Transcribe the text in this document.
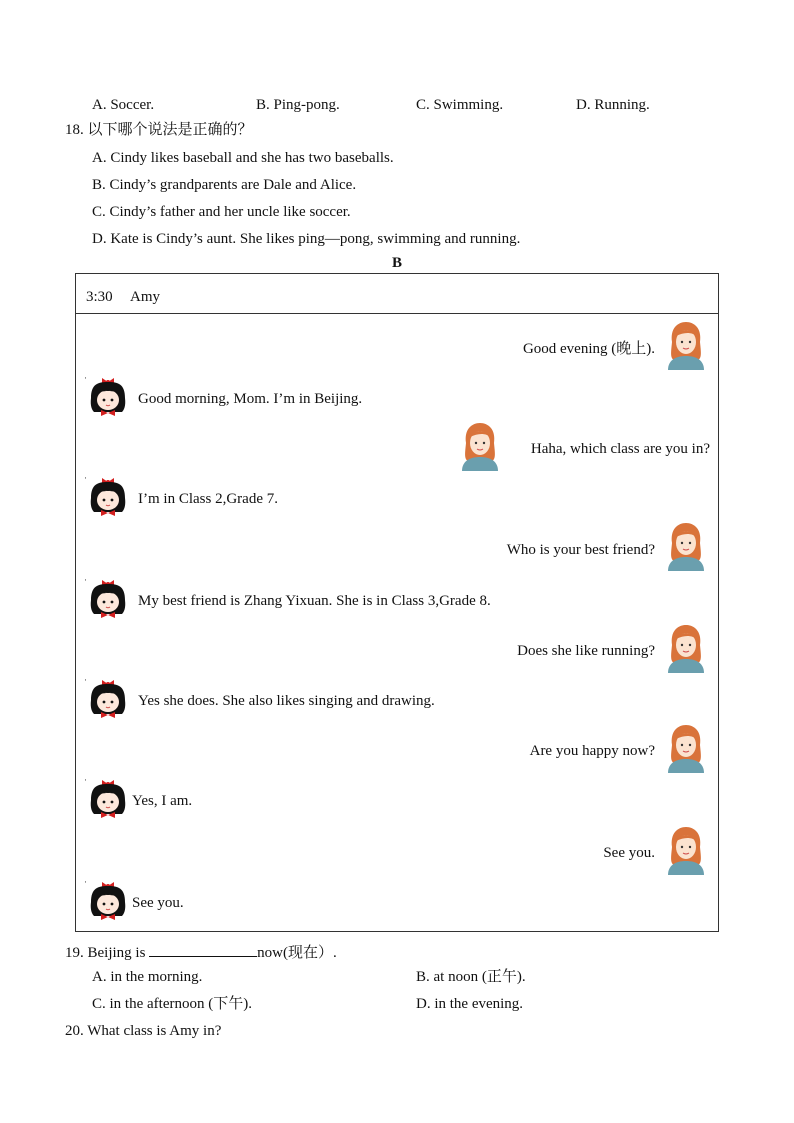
A. Soccer.	B. Ping-pong.	C. Swimming.	D. Running.
18. 以下哪个说法是正确的？
A. Cindy likes baseball and she has two baseballs.
B. Cindy’s grandparents are Dale and Alice.
C. Cindy’s father and her uncle like soccer.
D. Kate is Cindy’s aunt. She likes ping—pong, swimming and running.
B
3:30 Amy
Good evening (晚上).
·
Good morning, Mom. I’m in Beijing.
Haha, which class are you in?
·
I’m in Class 2,Grade 7.
Who is your best friend?
·
My best friend is Zhang Yixuan. She is in Class 3,Grade 8.
Does she like running?
·
Yes she does. She also likes singing and drawing.
Are you happy now?
·
Yes, I am.
See you.
·
See you.
19. Beijing is	now(现在）.
A. in the morning.	B. at noon (正午).
C. in the afternoon (下午).	D. in the evening.
20. What class is Amy in?
